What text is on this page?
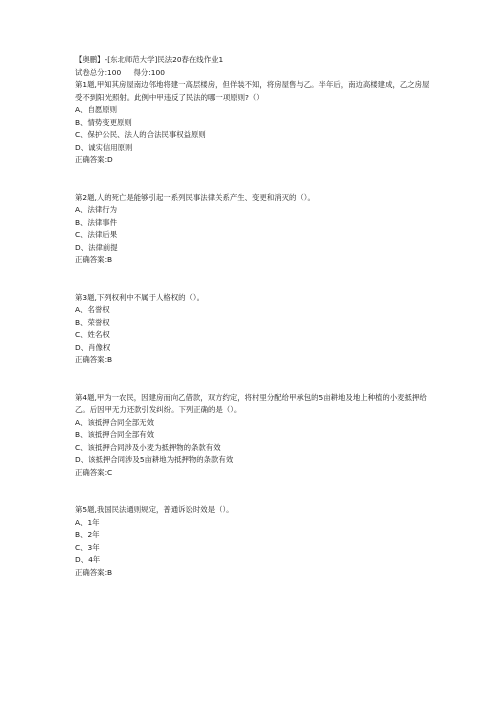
【奥鹏】-[东北师范大学]民法20春在线作业1
试卷总分:100 得分:100
第1题,甲知其房屋南边邻地将建一高层楼房，但佯装不知，将房屋售与乙。半年后，南边高楼建成，乙之房屋受不到阳光照射。此例中甲违反了民法的哪一项原则?（）
A、自愿原则
B、情势变更原则
C、保护公民、法人的合法民事权益原则
D、诚实信用原则
正确答案:D
第2题,人的死亡是能够引起一系列民事法律关系产生、变更和消灭的（）。
A、法律行为
B、法律事件
C、法律后果
D、法律前提
正确答案:B
第3题,下列权利中不属于人格权的（）。
A、名誉权
B、荣誉权
C、姓名权
D、肖像权
正确答案:B
第4题,甲为一农民，因建房而向乙借款，双方约定，将村里分配给甲承包的5亩耕地及地上种植的小麦抵押给乙。后因甲无力还款引发纠纷。下列正确的是（）。
A、该抵押合同全部无效
B、该抵押合同全部有效
C、该抵押合同涉及小麦为抵押物的条款有效
D、该抵押合同涉及5亩耕地为抵押物的条款有效
正确答案:C
第5题,我国民法通则规定，普通诉讼时效是（）。
A、1年
B、2年
C、3年
D、4年
正确答案:B
